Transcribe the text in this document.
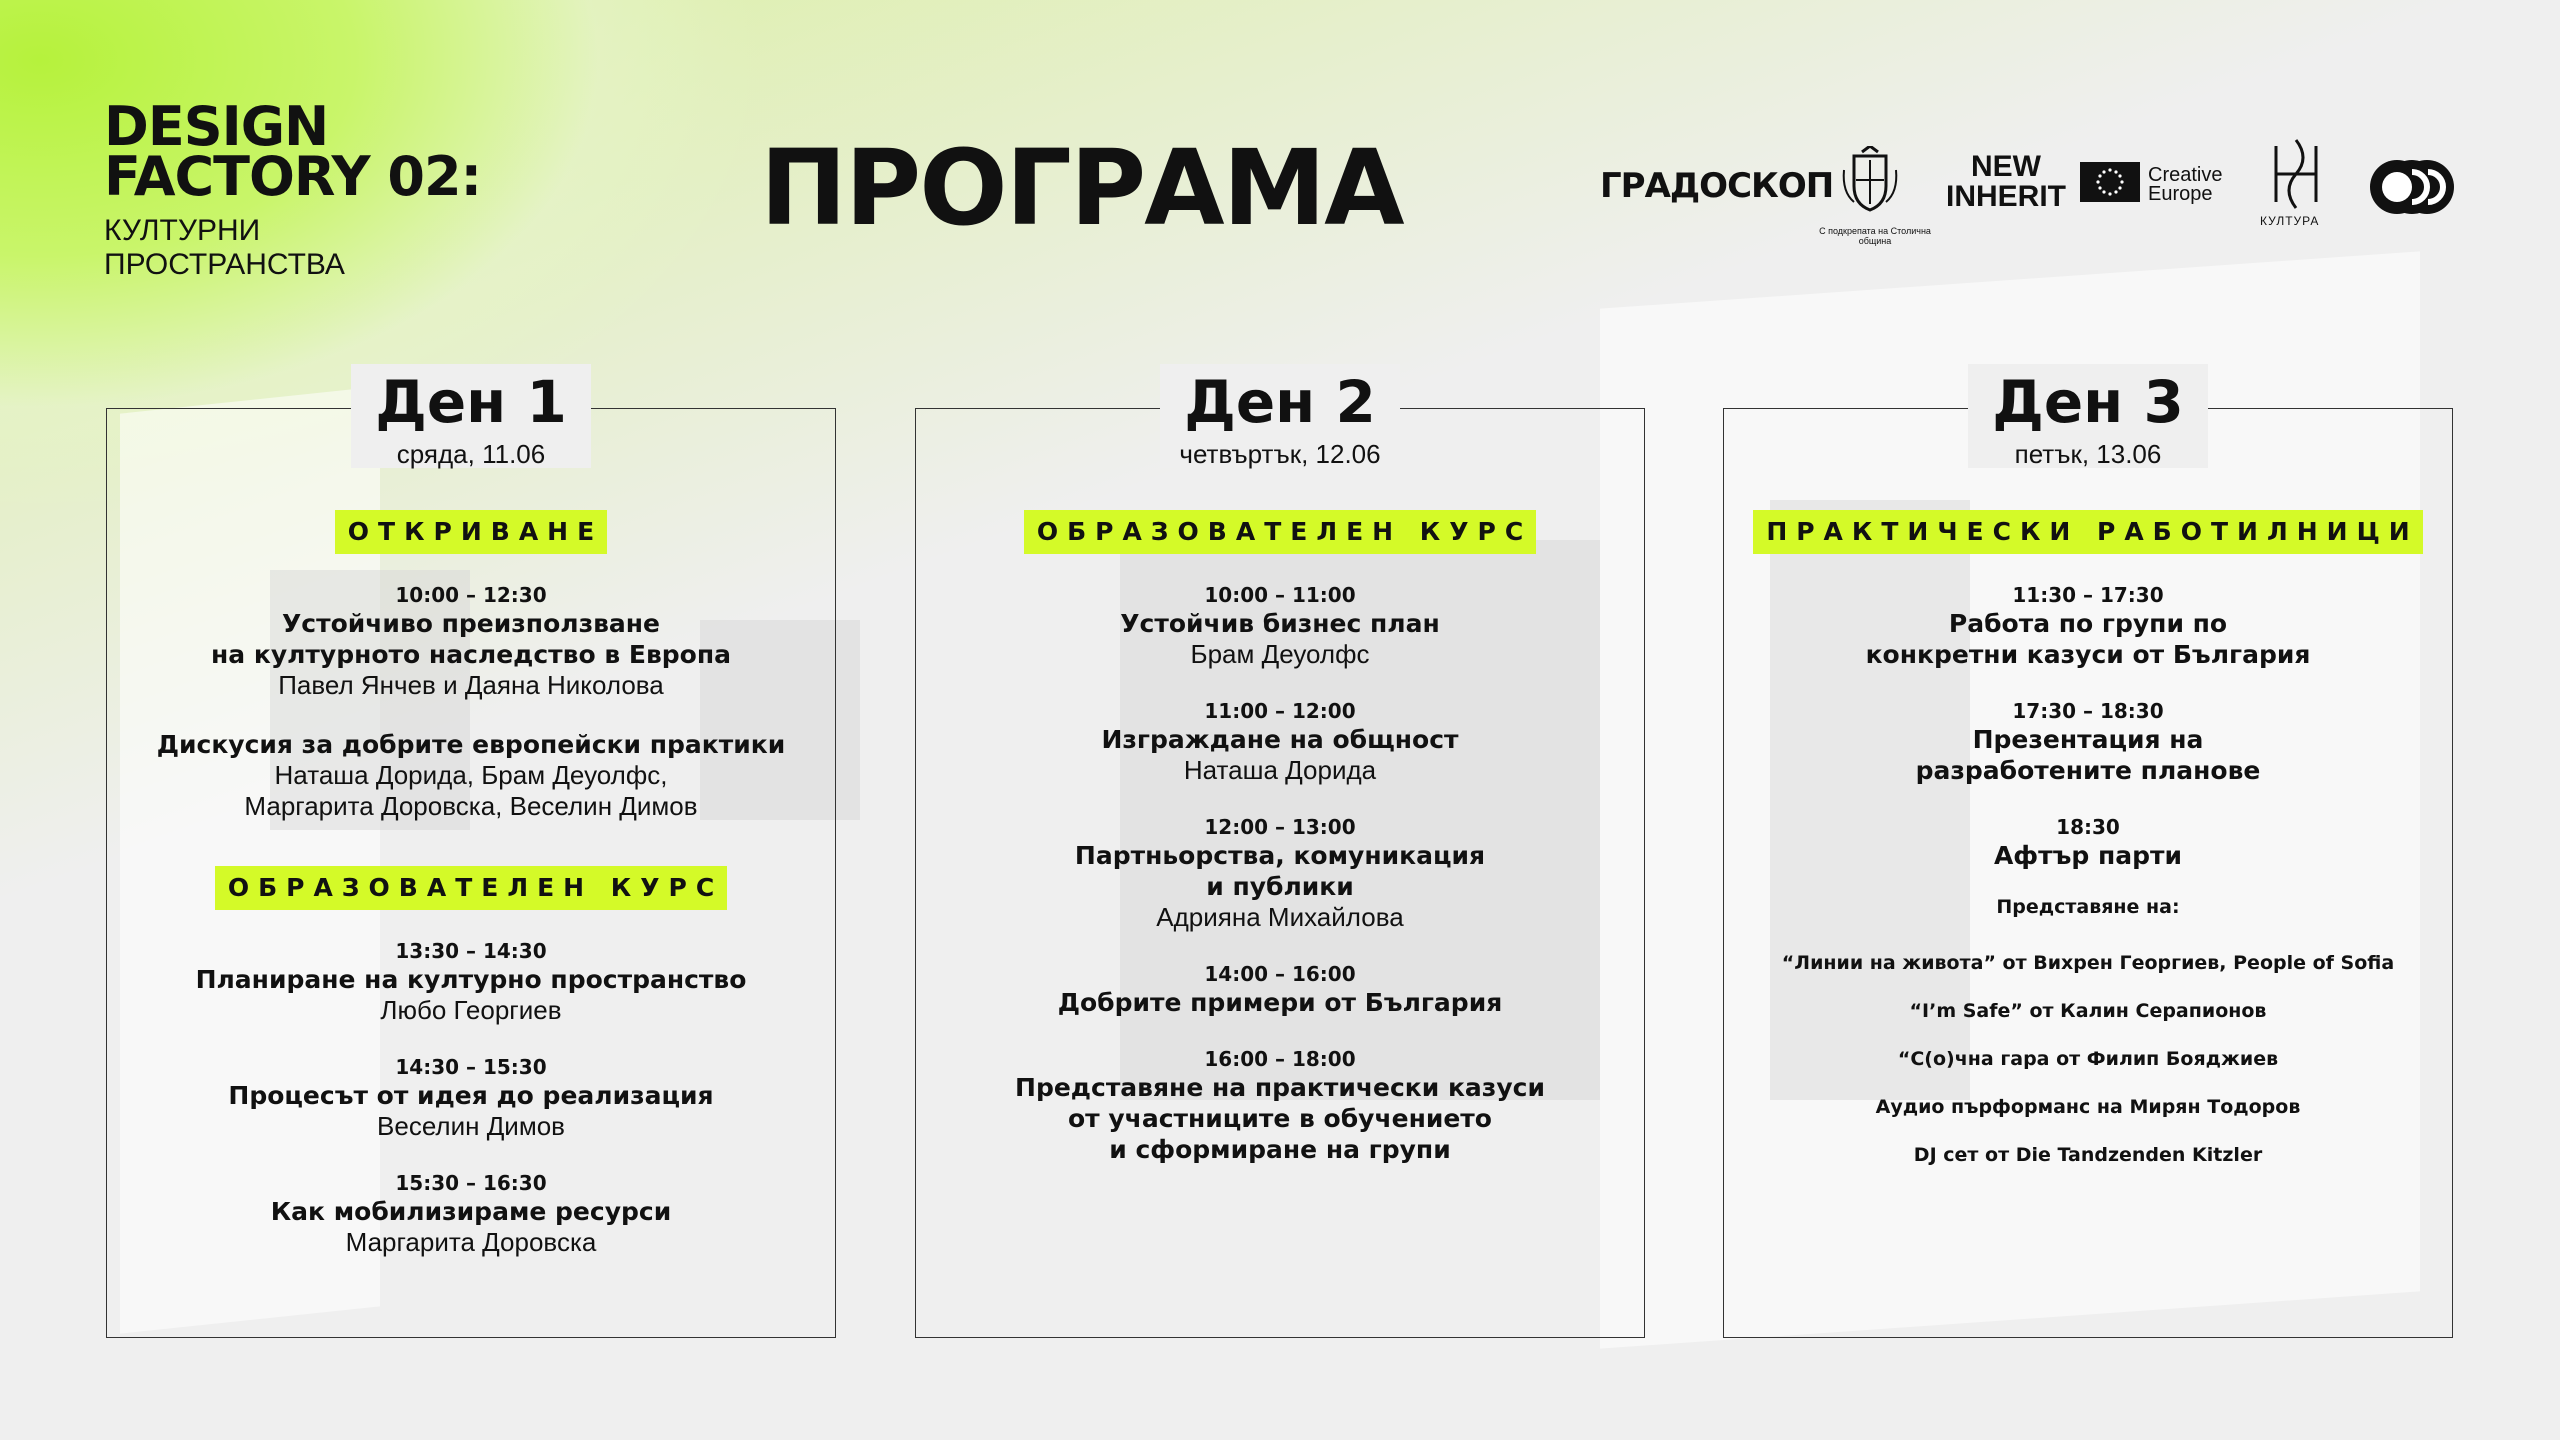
DESIGN
FACTORY 02:
КУЛТУРНИ
ПРОСТРАНСТВА
ПРОГРАМА	ГРАДОСКОП
С подкрепата на Столична община
NEW
INHERIT
Creative
Europe
КУЛТУРА
Ден 1
сряда, 11.06
ОТКРИВАНЕ
10:00 – 12:30
Устойчиво преизползване
на културното наследство в Европа
Павел Янчев и Даяна Николова
Дискусия за добрите европейски практики
Наташа Дорида, Брам Деуолфс,
Маргарита Доровска, Веселин Димов
ОБРАЗОВАТЕЛЕН КУРС
13:30 – 14:30
Планиране на културно пространство
Любо Георгиев
14:30 – 15:30
Процесът от идея до реализация
Веселин Димов
15:30 – 16:30
Как мобилизираме ресурси
Маргарита Доровска
Ден 2
четвъртък, 12.06
ОБРАЗОВАТЕЛЕН КУРС
10:00 – 11:00
Устойчив бизнес план
Брам Деуолфс
11:00 – 12:00
Изграждане на общност
Наташа Дорида
12:00 – 13:00
Партньорства, комуникация
и публики
Адрияна Михайлова
14:00 – 16:00
Добрите примери от България
16:00 – 18:00
Представяне на практически казуси
от участниците в обучението
и сформиране на групи
Ден 3
петък, 13.06
ПРАКТИЧЕСКИ РАБОТИЛНИЦИ
11:30 – 17:30
Работа по групи по
конкретни казуси от България
17:30 – 18:30
Презентация на
разработените планове
18:30
Афтър парти
Представяне на:
“Линии на живота” от Вихрен Георгиев, People of Sofia
“I’m Safe” от Калин Серапионов
“С(о)чна гара от Филип Бояджиев
Аудио пърформанс на Мирян Тодоров
DJ сет от Die Tandzenden Kitzler
